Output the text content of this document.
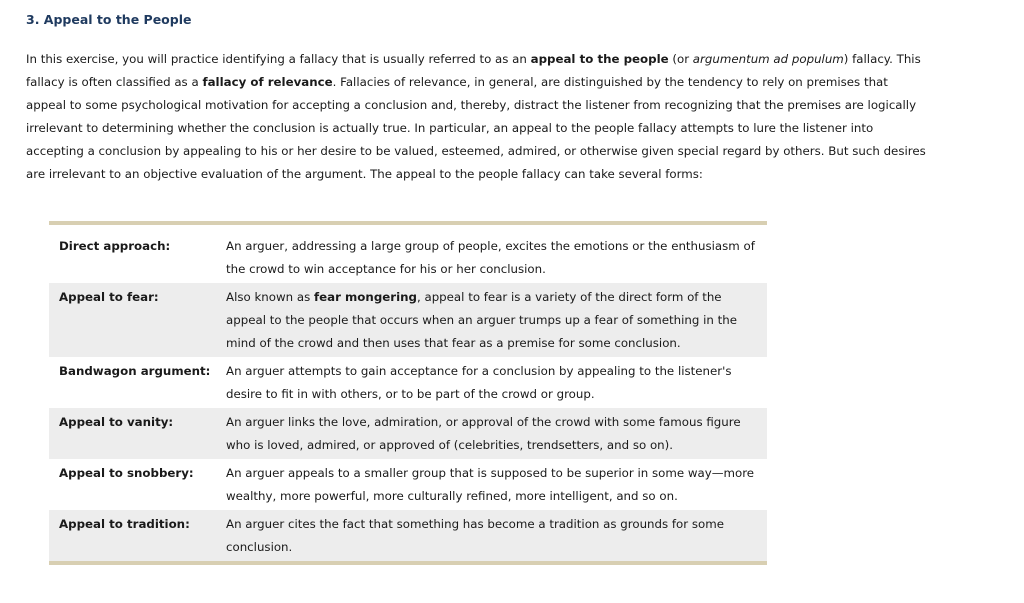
3. Appeal to the People

In this exercise, you will practice identifying a fallacy that is usually referred to as an appeal to the people (or argumentum ad populum) fallacy. This fallacy is often classified as a fallacy of relevance. Fallacies of relevance, in general, are distinguished by the tendency to rely on premises that appeal to some psychological motivation for accepting a conclusion and, thereby, distract the listener from recognizing that the premises are logically irrelevant to determining whether the conclusion is actually true. In particular, an appeal to the people fallacy attempts to lure the listener into accepting a conclusion by appealing to his or her desire to be valued, esteemed, admired, or otherwise given special regard by others. But such desires are irrelevant to an objective evaluation of the argument. The appeal to the people fallacy can take several forms:

Direct approach:	An arguer, addressing a large group of people, excites the emotions or the enthusiasm of the crowd to win acceptance for his or her conclusion.
Appeal to fear:	Also known as fear mongering, appeal to fear is a variety of the direct form of the appeal to the people that occurs when an arguer trumps up a fear of something in the mind of the crowd and then uses that fear as a premise for some conclusion.
Bandwagon argument:	An arguer attempts to gain acceptance for a conclusion by appealing to the listener's desire to fit in with others, or to be part of the crowd or group.
Appeal to vanity:	An arguer links the love, admiration, or approval of the crowd with some famous figure who is loved, admired, or approved of (celebrities, trendsetters, and so on).
Appeal to snobbery:	An arguer appeals to a smaller group that is supposed to be superior in some way—more wealthy, more powerful, more culturally refined, more intelligent, and so on.
Appeal to tradition:	An arguer cites the fact that something has become a tradition as grounds for some conclusion.
